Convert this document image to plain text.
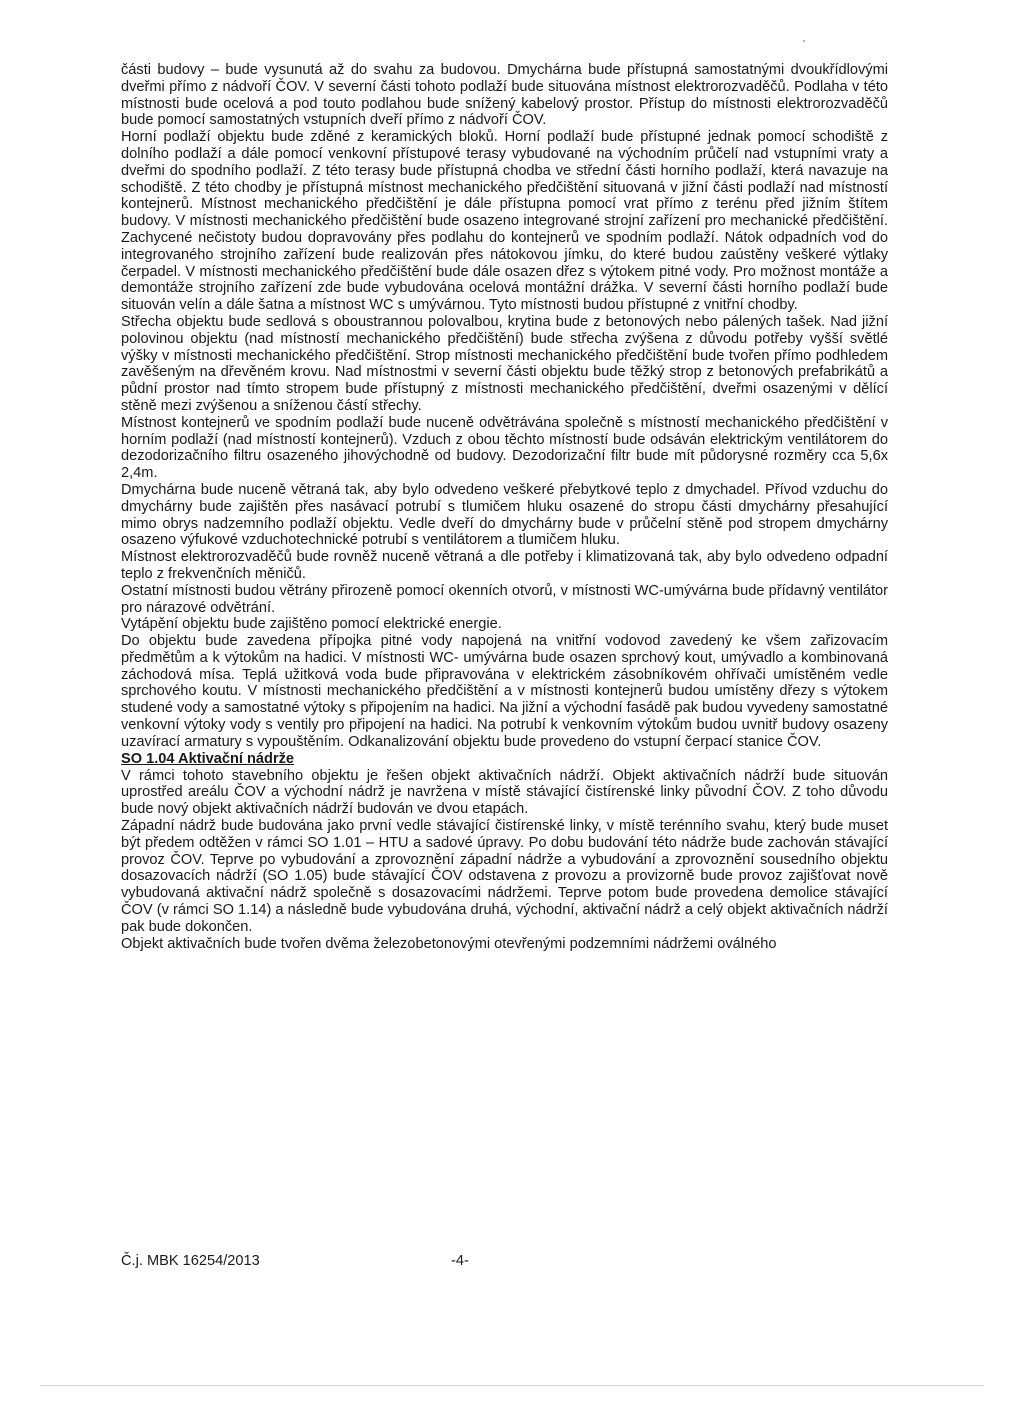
části budovy – bude vysunutá až do svahu za budovou. Dmychárna bude přístupná samostatnými dvoukřídlovými dveřmi přímo z nádvoří ČOV. V severní části tohoto podlaží bude situována místnost elektrorozvaděčů. Podlaha v této místnosti bude ocelová a pod touto podlahou bude snížený kabelový prostor. Přístup do místnosti elektrorozvaděčů bude pomocí samostatných vstupních dveří přímo z nádvoří ČOV.

Horní podlaží objektu bude zděné z keramických bloků. Horní podlaží bude přístupné jednak pomocí schodiště z dolního podlaží a dále pomocí venkovní přístupové terasy vybudované na východním průčelí nad vstupními vraty a dveřmi do spodního podlaží. Z této terasy bude přístupná chodba ve střední části horního podlaží, která navazuje na schodiště. Z této chodby je přístupná místnost mechanického předčištění situovaná v jižní části podlaží nad místností kontejnerů. Místnost mechanického předčištění je dále přístupna pomocí vrat přímo z terénu před jižním štítem budovy. V místnosti mechanického předčištění bude osazeno integrované strojní zařízení pro mechanické předčištění. Zachycené nečistoty budou dopravovány přes podlahu do kontejnerů ve spodním podlaží. Nátok odpadních vod do integrovaného strojního zařízení bude realizován přes nátokovou jímku, do které budou zaústěny veškeré výtlaky čerpadel. V místnosti mechanického předčištění bude dále osazen dřez s výtokem pitné vody. Pro možnost montáže a demontáže strojního zařízení zde bude vybudována ocelová montážní drážka. V severní části horního podlaží bude situován velín a dále šatna a místnost WC s umývárnou. Tyto místnosti budou přístupné z vnitřní chodby.

Střecha objektu bude sedlová s oboustrannou polovalbou, krytina bude z betonových nebo pálených tašek. Nad jižní polovinou objektu (nad místností mechanického předčištění) bude střecha zvýšena z důvodu potřeby vyšší světlé výšky v místnosti mechanického předčištění. Strop místnosti mechanického předčištění bude tvořen přímo podhledem zavěšeným na dřevěném krovu. Nad místnostmi v severní části objektu bude těžký strop z betonových prefabrikátů a půdní prostor nad tímto stropem bude přístupný z místnosti mechanického předčištění, dveřmi osazenými v dělící stěně mezi zvýšenou a sníženou částí střechy.

Místnost kontejnerů ve spodním podlaží bude nuceně odvětrávána společně s místností mechanického předčištění v horním podlaží (nad místností kontejnerů). Vzduch z obou těchto místností bude odsáván elektrickým ventilátorem do dezodorizačního filtru osazeného jihovýchodně od budovy. Dezodorizační filtr bude mít půdorysné rozměry cca 5,6x 2,4m.

Dmychárna bude nuceně větraná tak, aby bylo odvedeno veškeré přebytkové teplo z dmychadel. Přívod vzduchu do dmychárny bude zajištěn přes nasávací potrubí s tlumičem hluku osazené do stropu části dmychárny přesahující mimo obrys nadzemního podlaží objektu. Vedle dveří do dmychárny bude v průčelní stěně pod stropem dmychárny osazeno výfukové vzduchotechnické potrubí s ventilátorem a tlumičem hluku.

Místnost elektrorozvaděčů bude rovněž nuceně větraná a dle potřeby i klimatizovaná tak, aby bylo odvedeno odpadní teplo z frekvenčních měničů.

Ostatní místnosti budou větrány přirozeně pomocí okenních otvorů, v místnosti WC-umývárna bude přídavný ventilátor pro nárazové odvětrání.

Vytápění objektu bude zajištěno pomocí elektrické energie.

Do objektu bude zavedena přípojka pitné vody napojená na vnitřní vodovod zavedený ke všem zařizovacím předmětům a k výtokům na hadici. V místnosti WC- umývárna bude osazen sprchový kout, umývadlo a kombinovaná záchodová mísa. Teplá užitková voda bude připravována v elektrickém zásobníkovém ohřívači umístěném vedle sprchového koutu. V místnosti mechanického předčištění a v místnosti kontejnerů budou umístěny dřezy s výtokem studené vody a samostatné výtoky s připojením na hadici. Na jižní a východní fasádě pak budou vyvedeny samostatné venkovní výtoky vody s ventily pro připojení na hadici. Na potrubí k venkovním výtokům budou uvnitř budovy osazeny uzavírací armatury s vypouštěním. Odkanalizování objektu bude provedeno do vstupní čerpací stanice ČOV.

SO 1.04 Aktivační nádrže

V rámci tohoto stavebního objektu je řešen objekt aktivačních nádrží. Objekt aktivačních nádrží bude situován uprostřed areálu ČOV a východní nádrž je navržena v místě stávající čistírenské linky původní ČOV. Z toho důvodu bude nový objekt aktivačních nádrží budován ve dvou etapách.

Západní nádrž bude budována jako první vedle stávající čistírenské linky, v místě terénního svahu, který bude muset být předem odtěžen v rámci SO 1.01 – HTU a sadové úpravy. Po dobu budování této nádrže bude zachován stávající provoz ČOV. Teprve po vybudování a zprovoznění západní nádrže a vybudování a zprovoznění sousedního objektu dosazovacích nádrží (SO 1.05) bude stávající ČOV odstavena z provozu a provizorně bude provoz zajišťovat nově vybudovaná aktivační nádrž společně s dosazovacími nádržemi. Teprve potom bude provedena demolice stávající ČOV (v rámci SO 1.14) a následně bude vybudována druhá, východní, aktivační nádrž a celý objekt aktivačních nádrží pak bude dokončen.

Objekt aktivačních bude tvořen dvěma železobetonovými otevřenými podzemními nádržemi oválného

Č.j. MBK 16254/2013	-4-
